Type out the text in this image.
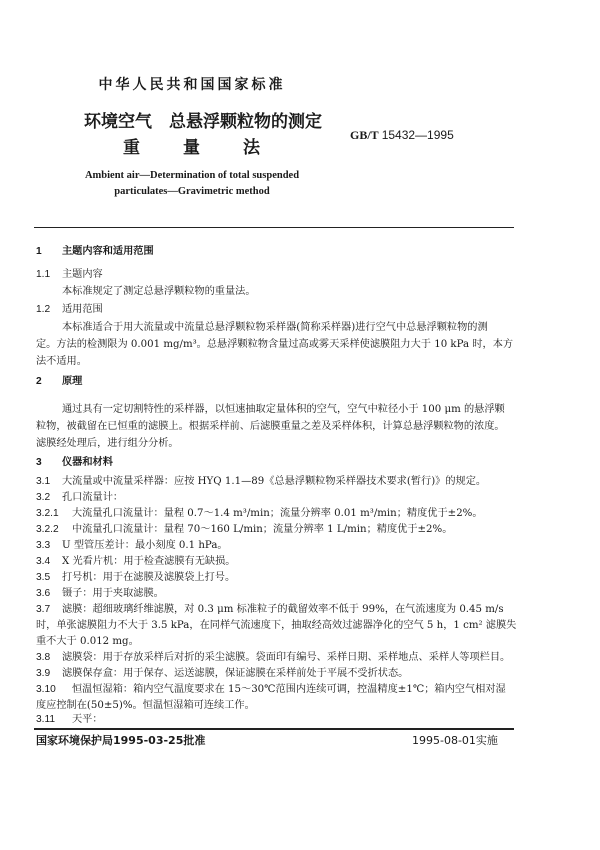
中华人民共和国国家标准
环境空气　总悬浮颗粒物的测定
重	量	法
Ambient air—Determination of total suspended
particulates—Gravimetric method
GB/T 15432—1995
1 主题内容和适用范围
1.1 主题内容
本标准规定了测定总悬浮颗粒物的重量法。
1.2 适用范围
本标准适合于用大流量或中流量总悬浮颗粒物采样器(简称采样器)进行空气中总悬浮颗粒物的测
定。方法的检测限为 0.001 mg/m³。总悬浮颗粒物含量过高或雾天采样使滤膜阻力大于 10 kPa 时，本方
法不适用。
2 原理
通过具有一定切割特性的采样器，以恒速抽取定量体积的空气，空气中粒径小于 100 μm 的悬浮颗
粒物，被截留在已恒重的滤膜上。根据采样前、后滤膜重量之差及采样体积，计算总悬浮颗粒物的浓度。
滤膜经处理后，进行组分分析。
3 仪器和材料
3.1 大流量或中流量采样器：应按 HYQ 1.1—89《总悬浮颗粒物采样器技术要求(暂行)》的规定。
3.2 孔口流量计：
3.2.1 大流量孔口流量计：量程 0.7～1.4 m³/min；流量分辨率 0.01 m³/min；精度优于±2%。
3.2.2 中流量孔口流量计：量程 70～160 L/min；流量分辨率 1 L/min；精度优于±2%。
3.3 U 型管压差计：最小刻度 0.1 hPa。
3.4 X 光看片机：用于检查滤膜有无缺损。
3.5 打号机：用于在滤膜及滤膜袋上打号。
3.6 镊子：用于夹取滤膜。
3.7 滤膜：超细玻璃纤维滤膜，对 0.3 μm 标准粒子的截留效率不低于 99%，在气流速度为 0.45 m/s
时，单张滤膜阻力不大于 3.5 kPa，在同样气流速度下，抽取经高效过滤器净化的空气 5 h，1 cm² 滤膜失
重不大于 0.012 mg。
3.8 滤膜袋：用于存放采样后对折的采尘滤膜。袋面印有编号、采样日期、采样地点、采样人等项栏目。
3.9 滤膜保存盒：用于保存、运送滤膜，保证滤膜在采样前处于平展不受折状态。
3.10 恒温恒湿箱：箱内空气温度要求在 15～30℃范围内连续可调，控温精度±1℃；箱内空气相对湿
度应控制在(50±5)%。恒温恒湿箱可连续工作。
3.11 天平：
国家环境保护局1995-03-25批准	1995-08-01实施
